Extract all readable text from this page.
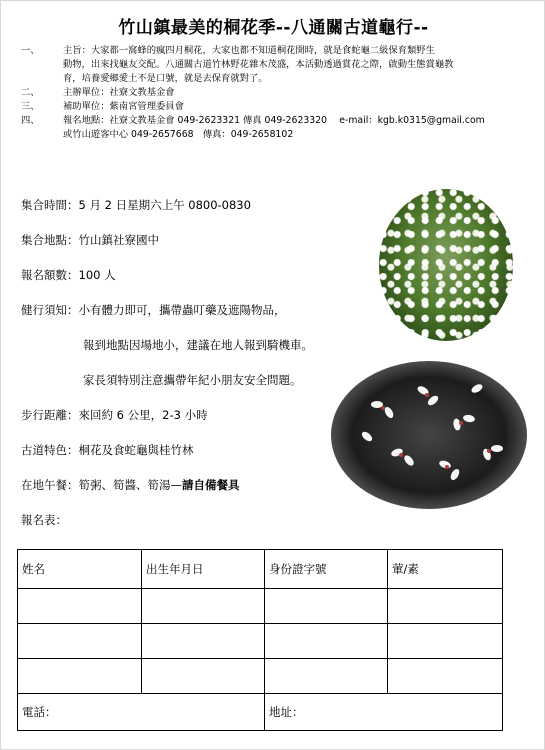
竹山鎮最美的桐花季--八通關古道龜行--
一、	主旨： 大家都一窩蜂的瘋四月桐花，大家也都不知道桐花開時，就是食蛇龜二級保育類野生
動物，出來找龜友交配。八通關古道竹林野花雜木茂盛，本活動透過賞花之際，啟動生態賞龜教
育，培養愛鄉愛土不是口號，就是去保育就對了。
二、	主辦單位： 社寮文教基金會
三、	補助單位： 紫南宮管理委員會
四、	報名地點： 社寮文教基金會 049-2623321 傳真 049-2623320　 e-mail：kgb.k0315@gmail.com
或竹山遊客中心 049-2657668　傳真：049-2658102
集合時間：5 月 2 日星期六上午 0800-0830
集合地點：竹山鎮社寮國中
報名額數：100 人
健行須知：小有體力即可，攜帶蟲叮藥及遮陽物品，
報到地點因場地小，建議在地人報到騎機車。
家長須特別注意攜帶年紀小朋友安全問題。
步行距離：來回約 6 公里，2-3 小時
古道特色：桐花及食蛇龜與桂竹林
在地午餐：筍粥、筍醬、筍湯—請自備餐具
報名表：
姓名	出生年月日	身份證字號	葷/素

電話：		地址：	
